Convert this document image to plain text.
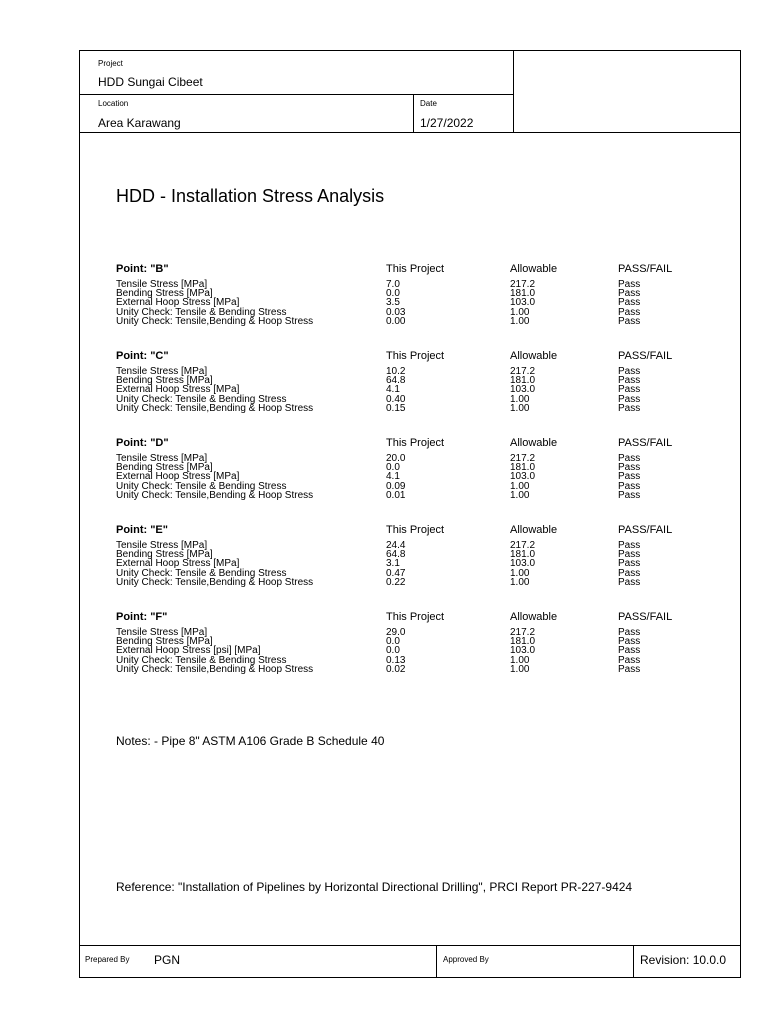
Project
HDD Sungai Cibeet
Location
Area Karawang
Date
1/27/2022
HDD - Installation Stress Analysis
Point: "B"	This Project	Allowable	PASS/FAIL
Tensile Stress [MPa]	7.0	217.2	Pass
Bending Stress [MPa]	0.0	181.0	Pass
External Hoop Stress [MPa]	3.5	103.0	Pass
Unity Check: Tensile & Bending Stress	0.03	1.00	Pass
Unity Check: Tensile,Bending & Hoop Stress	0.00	1.00	Pass
Point: "C"	This Project	Allowable	PASS/FAIL
Tensile Stress [MPa]	10.2	217.2	Pass
Bending Stress [MPa]	64.8	181.0	Pass
External Hoop Stress [MPa]	4.1	103.0	Pass
Unity Check: Tensile & Bending Stress	0.40	1.00	Pass
Unity Check: Tensile,Bending & Hoop Stress	0.15	1.00	Pass
Point: "D"	This Project	Allowable	PASS/FAIL
Tensile Stress [MPa]	20.0	217.2	Pass
Bending Stress [MPa]	0.0	181.0	Pass
External Hoop Stress [MPa]	4.1	103.0	Pass
Unity Check: Tensile & Bending Stress	0.09	1.00	Pass
Unity Check: Tensile,Bending & Hoop Stress	0.01	1.00	Pass
Point: "E"	This Project	Allowable	PASS/FAIL
Tensile Stress [MPa]	24.4	217.2	Pass
Bending Stress [MPa]	64.8	181.0	Pass
External Hoop Stress [MPa]	3.1	103.0	Pass
Unity Check: Tensile & Bending Stress	0.47	1.00	Pass
Unity Check: Tensile,Bending & Hoop Stress	0.22	1.00	Pass
Point: "F"	This Project	Allowable	PASS/FAIL
Tensile Stress [MPa]	29.0	217.2	Pass
Bending Stress [MPa]	0.0	181.0	Pass
External Hoop Stress [psi] [MPa]	0.0	103.0	Pass
Unity Check: Tensile & Bending Stress	0.13	1.00	Pass
Unity Check: Tensile,Bending & Hoop Stress	0.02	1.00	Pass
Notes: - Pipe 8" ASTM A106 Grade B Schedule 40
Reference: "Installation of Pipelines by Horizontal Directional Drilling", PRCI Report PR-227-9424
Prepared By PGN	Approved By	Revision: 10.0.0
